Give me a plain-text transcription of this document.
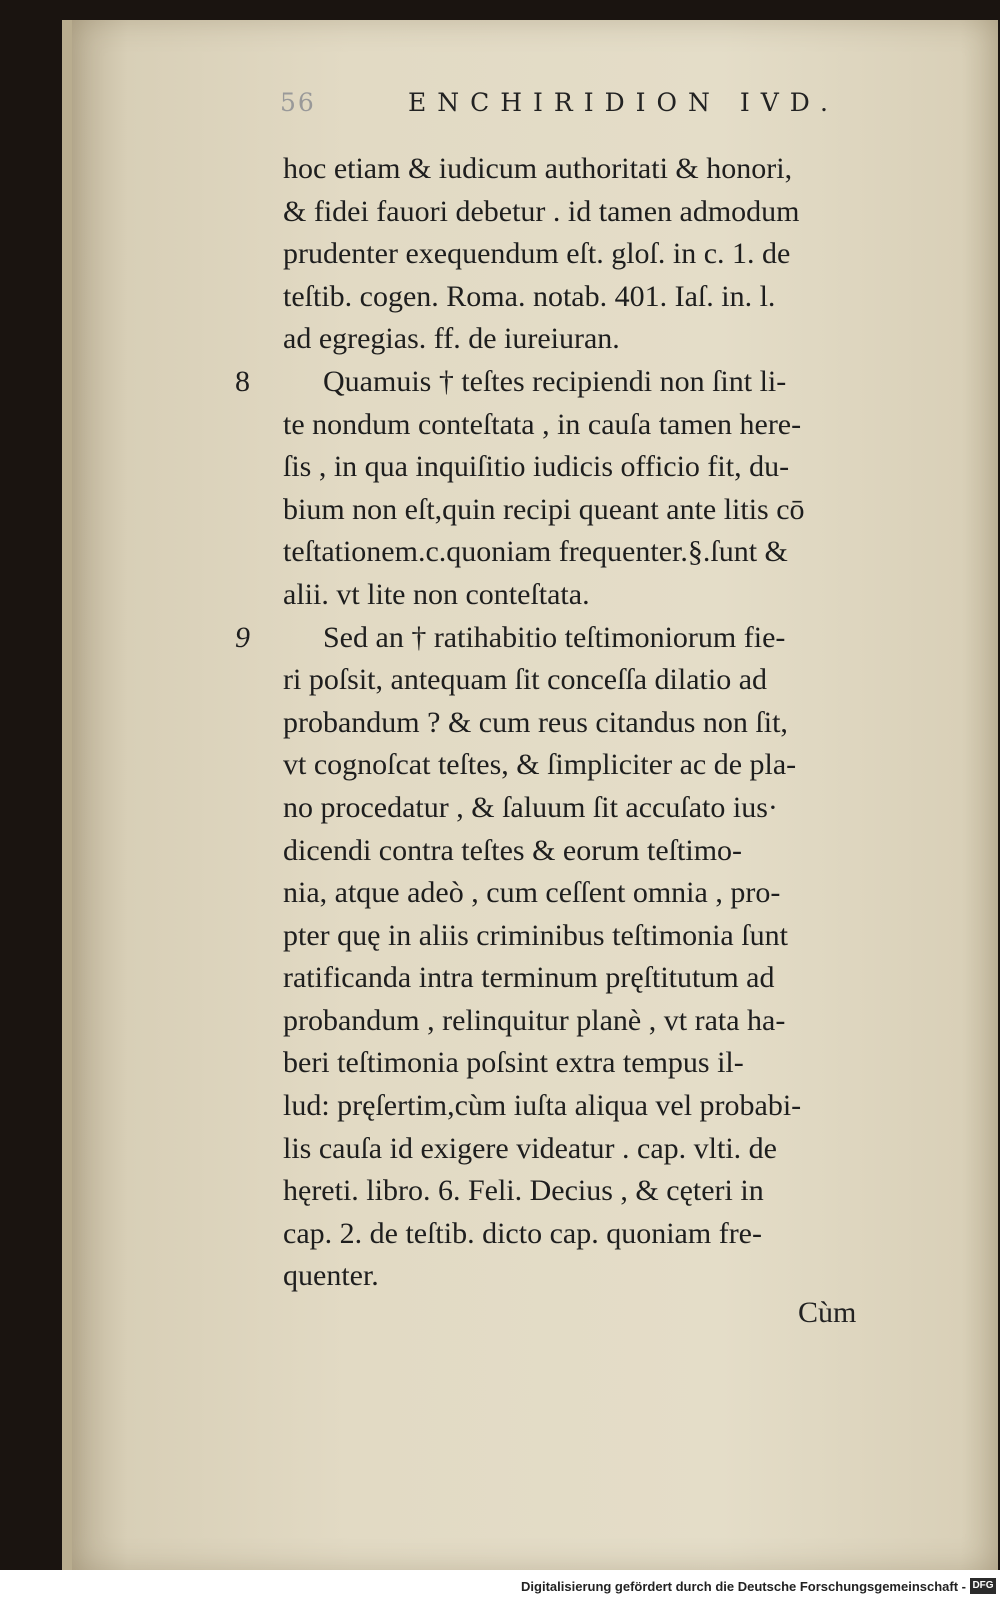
56	ENCHIRIDION IVD.
hoc etiam & iudicum authoritati & honori,
& fidei fauori debetur . id tamen admodum
prudenter exequendum eſt. gloſ. in c. 1. de
teſtib. cogen. Roma. notab. 401. Iaſ. in. l.
ad egregias. ff. de iureiuran.
8	Quamuis † teſtes recipiendi non ſint li-
te nondum conteſtata , in cauſa tamen here-
ſis , in qua inquiſitio iudicis officio fit, du-
bium non eſt,quin recipi queant ante litis cō
teſtationem.c.quoniam frequenter.§.ſunt &
alii. vt lite non conteſtata.
9	Sed an † ratihabitio teſtimoniorum fie-
ri poſsit, antequam ſit conceſſa dilatio ad
probandum ? & cum reus citandus non ſit,
vt cognoſcat teſtes, & ſimpliciter ac de pla-
no procedatur , & ſaluum ſit accuſato ius·
dicendi contra teſtes & eorum teſtimo-
nia, atque adeò , cum ceſſent omnia , pro-
pter quę in aliis criminibus teſtimonia ſunt
ratificanda intra terminum pręſtitutum ad
probandum , relinquitur planè , vt rata ha-
beri teſtimonia poſsint extra tempus il-
lud: pręſertim,cùm iuſta aliqua vel probabi-
lis cauſa id exigere videatur . cap. vlti. de
hęreti. libro. 6. Feli. Decius , & cęteri in
cap. 2. de teſtib. dicto cap. quoniam fre-
quenter.
Cùm
Digitalisierung gefördert durch die Deutsche Forschungsgemeinschaft - DFG
